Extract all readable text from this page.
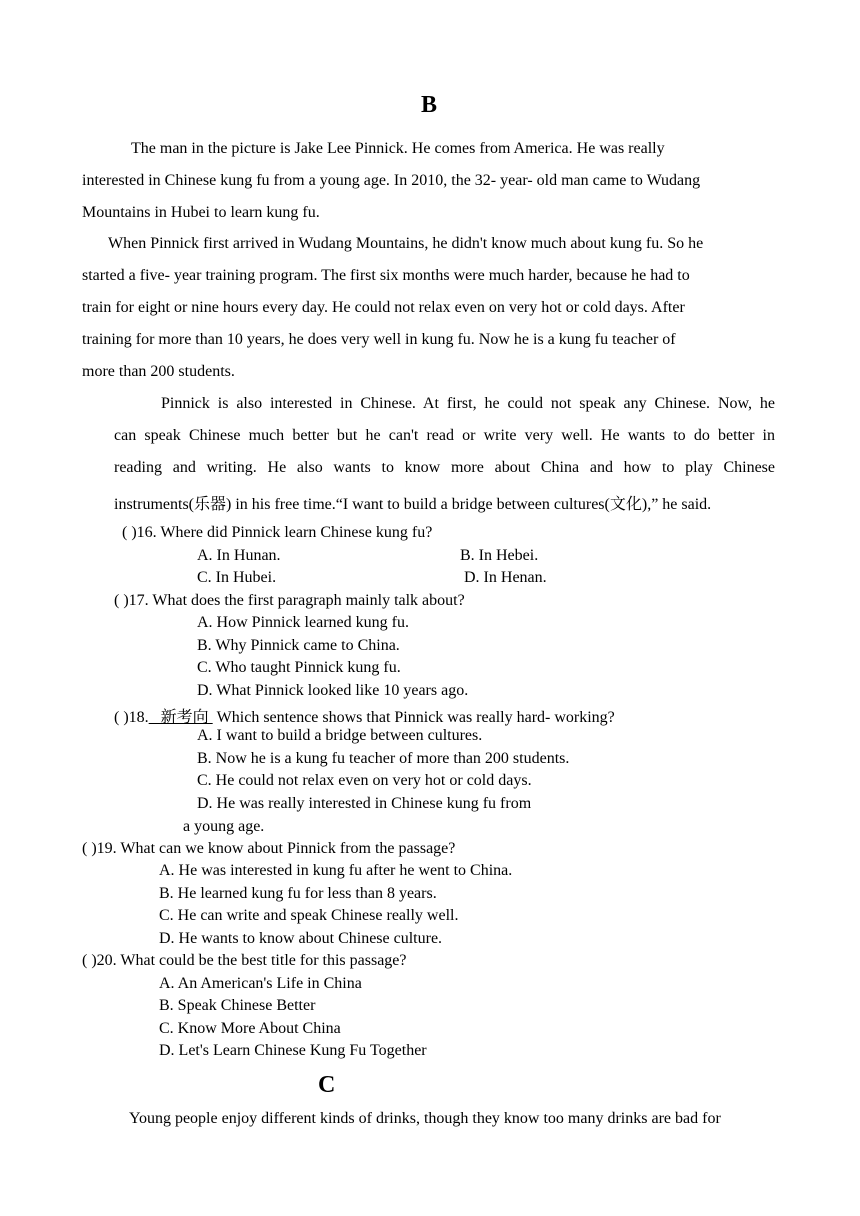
B
The man in the picture is Jake Lee Pinnick. He comes from America. He was really
interested in Chinese kung fu from a young age. In 2010, the 32- year- old man came to Wudang
Mountains in Hubei to learn kung fu.
When Pinnick first arrived in Wudang Mountains, he didn't know much about kung fu. So he
started a five- year training program. The first six months were much harder, because he had to
train for eight or nine hours every day. He could not relax even on very hot or cold days. After
training for more than 10 years, he does very well in kung fu. Now he is a kung fu teacher of
more than 200 students.
Pinnick is also interested in Chinese. At first, he could not speak any Chinese. Now, he
can speak Chinese much better but he can't read or write very well. He wants to do better in
reading and writing. He also wants to know more about China and how to play Chinese
instruments(乐器) in his free time.“I want to build a bridge between cultures(文化),” he said.
( )16. Where did Pinnick learn Chinese kung fu?
A. In Hunan.	B. In Hebei.
C. In Hubei.	D. In Henan.
( )17. What does the first paragraph mainly talk about?
A. How Pinnick learned kung fu.
B. Why Pinnick came to China.
C. Who taught Pinnick kung fu.
D. What Pinnick looked like 10 years ago.
( )18.   新考向  Which sentence shows that Pinnick was really hard- working?
A. I want to build a bridge between cultures.
B. Now he is a kung fu teacher of more than 200 students.
C. He could not relax even on very hot or cold days.
D. He was really interested in Chinese kung fu from
a young age.
( )19. What can we know about Pinnick from the passage?
A. He was interested in kung fu after he went to China.
B. He learned kung fu for less than 8 years.
C. He can write and speak Chinese really well.
D. He wants to know about Chinese culture.
( )20. What could be the best title for this passage?
A. An American's Life in China
B. Speak Chinese Better
C. Know More About China
D. Let's Learn Chinese Kung Fu Together
C
Young people enjoy different kinds of drinks, though they know too many drinks are bad for
